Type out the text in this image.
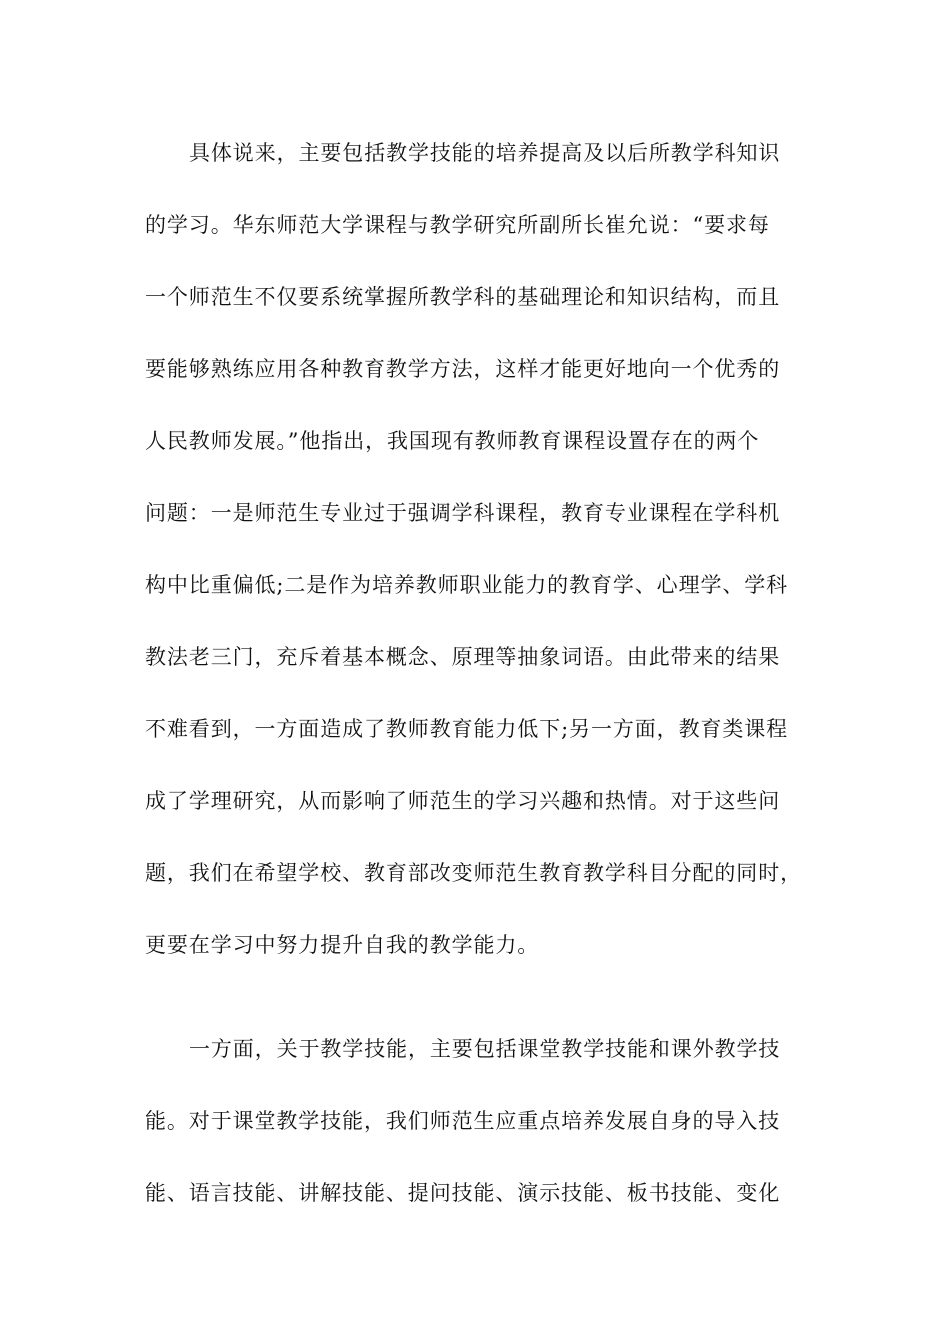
具体说来，主要包括教学技能的培养提高及以后所教学科知识
的学习。华东师范大学课程与教学研究所副所长崔允说：“要求每
一个师范生不仅要系统掌握所教学科的基础理论和知识结构，而且
要能够熟练应用各种教育教学方法，这样才能更好地向一个优秀的
人民教师发展。”他指出，我国现有教师教育课程设置存在的两个
问题：一是师范生专业过于强调学科课程，教育专业课程在学科机
构中比重偏低;二是作为培养教师职业能力的教育学、心理学、学科
教法老三门，充斥着基本概念、原理等抽象词语。由此带来的结果
不难看到，一方面造成了教师教育能力低下;另一方面，教育类课程
成了学理研究，从而影响了师范生的学习兴趣和热情。对于这些问
题，我们在希望学校、教育部改变师范生教育教学科目分配的同时，
更要在学习中努力提升自我的教学能力。
一方面，关于教学技能，主要包括课堂教学技能和课外教学技
能。对于课堂教学技能，我们师范生应重点培养发展自身的导入技
能、语言技能、讲解技能、提问技能、演示技能、板书技能、变化
